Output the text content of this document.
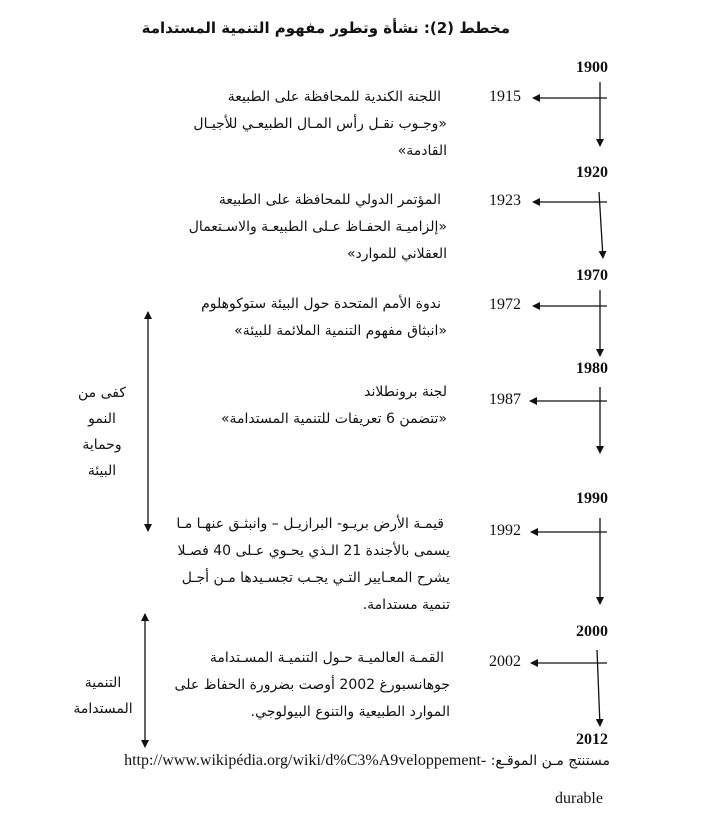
مخطط (2): نشأة وتطور مفهوم التنمية المستدامة
1900
1920
1970
1980
1990
2000
2012
1915
1923
1972
1987
1992
2002
اللجنة الكندية للمحافظة على الطبيعة
«وجـوب نقـل رأس المـال الطبيعـي للأجيـال
القادمة»
المؤتمر الدولي للمحافظة على الطبيعة
«إلزاميـة الحفـاظ عـلى الطبيعـة والاسـتعمال
العقلاني للموارد»
ندوة الأمم المتحدة حول البيئة ستوكوهلوم
«انبثاق مفهوم التنمية الملائمة للبيئة»
لجنة برونطلاند
«تتضمن 6 تعريفات للتنمية المستدامة»
قيمـة الأرض بريـو- البرازيـل – وانبثـق عنهـا مـا
يسمى بالأجندة 21 الـذي يحـوي عـلى 40 فصـلا
يشرح المعـايير التـي يجـب تجسـيدها مـن أجـل
تنمية مستدامة.
القمـة العالميـة حـول التنميـة المسـتدامة
جوهانسبورغ 2002 أوصت بضرورة الحفاظ على
الموارد الطبيعية والتنوع البيولوجي.
كفى من
النمو
وحماية
البيئة
التنمية
المستدامة
مستنتج مـن الموقـع: http://www.wikipédia.org/wiki/d%C3%A9veloppement-
durable
